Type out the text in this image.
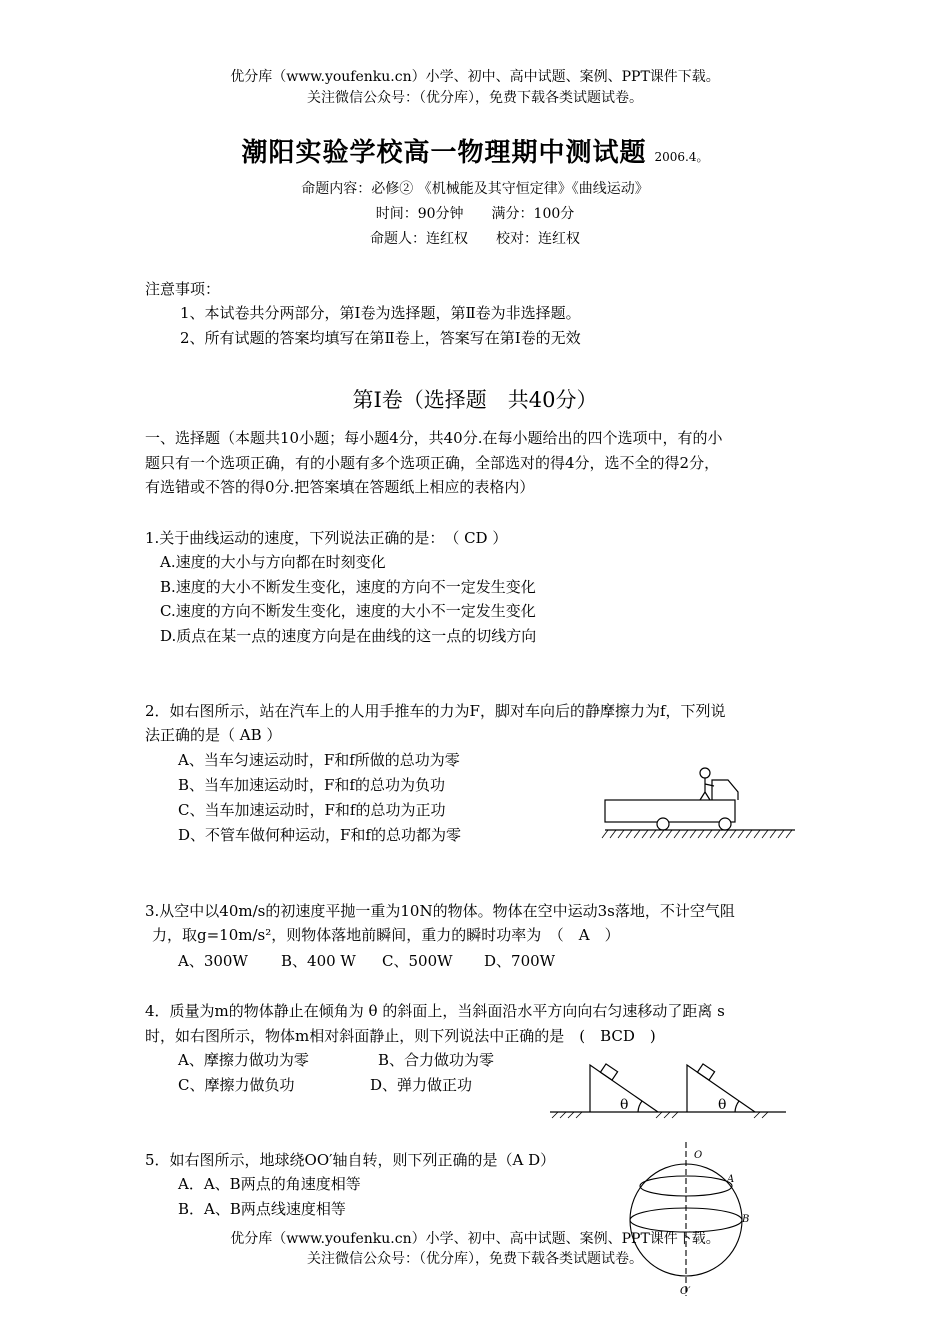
优分库（www.youfenku.cn）小学、初中、高中试题、案例、PPT课件下载。
关注微信公众号：（优分库），免费下载各类试题试卷。
潮阳实验学校高一物理期中测试题 2006.4。
命题内容：必修② 《机械能及其守恒定律》《曲线运动》
时间：90分钟　　满分：100分
命题人：连红权　　校对：连红权
注意事项：
1、本试卷共分两部分，第Ⅰ卷为选择题，第Ⅱ卷为非选择题。
2、所有试题的答案均填写在第Ⅱ卷上，答案写在第Ⅰ卷的无效
第Ⅰ卷（选择题　共40分）
一、选择题（本题共10小题；每小题4分，共40分.在每小题给出的四个选项中，有的小
题只有一个选项正确，有的小题有多个选项正确，全部选对的得4分，选不全的得2分，
有选错或不答的得0分.把答案填在答题纸上相应的表格内）
1.关于曲线运动的速度，下列说法正确的是：　（ CD ）
A.速度的大小与方向都在时刻变化
B.速度的大小不断发生变化，速度的方向不一定发生变化
C.速度的方向不断发生变化，速度的大小不一定发生变化
D.质点在某一点的速度方向是在曲线的这一点的切线方向
2．如右图所示，站在汽车上的人用手推车的力为F，脚对车向后的静摩擦力为f，下列说
法正确的是（ AB ）
A、当车匀速运动时，F和f所做的总功为零
B、当车加速运动时，F和f的总功为负功
C、当车加速运动时，F和f的总功为正功
D、不管车做何种运动，F和f的总功都为零
3.从空中以40m/s的初速度平抛一重为10N的物体。物体在空中运动3s落地，不计空气阻
力，取g=10m/s²，则物体落地前瞬间，重力的瞬时功率为　（　A　）
A、300W B、400 W C、500W D、700W
4．质量为m的物体静止在倾角为 θ 的斜面上，当斜面沿水平方向向右匀速移动了距离 s
时，如右图所示，物体m相对斜面静止，则下列说法中正确的是　(　BCD　)
A、摩擦力做功为零	B、合力做功为零
C、摩擦力做负功	D、弹力做正功
θ	θ
5．如右图所示，地球绕OO′轴自转，则下列正确的是（A D）
A．A、B两点的角速度相等
B．A、B两点线速度相等
O
A
B
O′
优分库（www.youfenku.cn）小学、初中、高中试题、案例、PPT课件下载。
关注微信公众号：（优分库），免费下载各类试题试卷。
